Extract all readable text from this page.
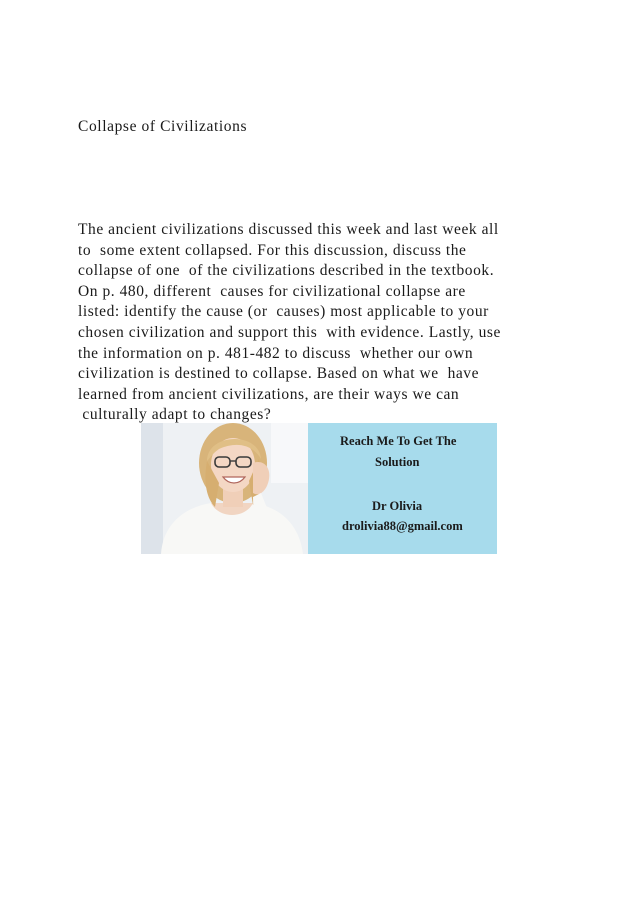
Collapse of Civilizations
The ancient civilizations discussed this week and last week all
to  some extent collapsed. For this discussion, discuss the
collapse of one  of the civilizations described in the textbook.
On p. 480, different  causes for civilizational collapse are
listed: identify the cause (or  causes) most applicable to your
chosen civilization and support this  with evidence. Lastly, use
the information on p. 481-482 to discuss  whether our own
civilization is destined to collapse. Based on what we  have
learned from ancient civilizations, are their ways we can
culturally adapt to changes?
Reach Me To Get The
Solution
Dr Olivia
drolivia88@gmail.com
